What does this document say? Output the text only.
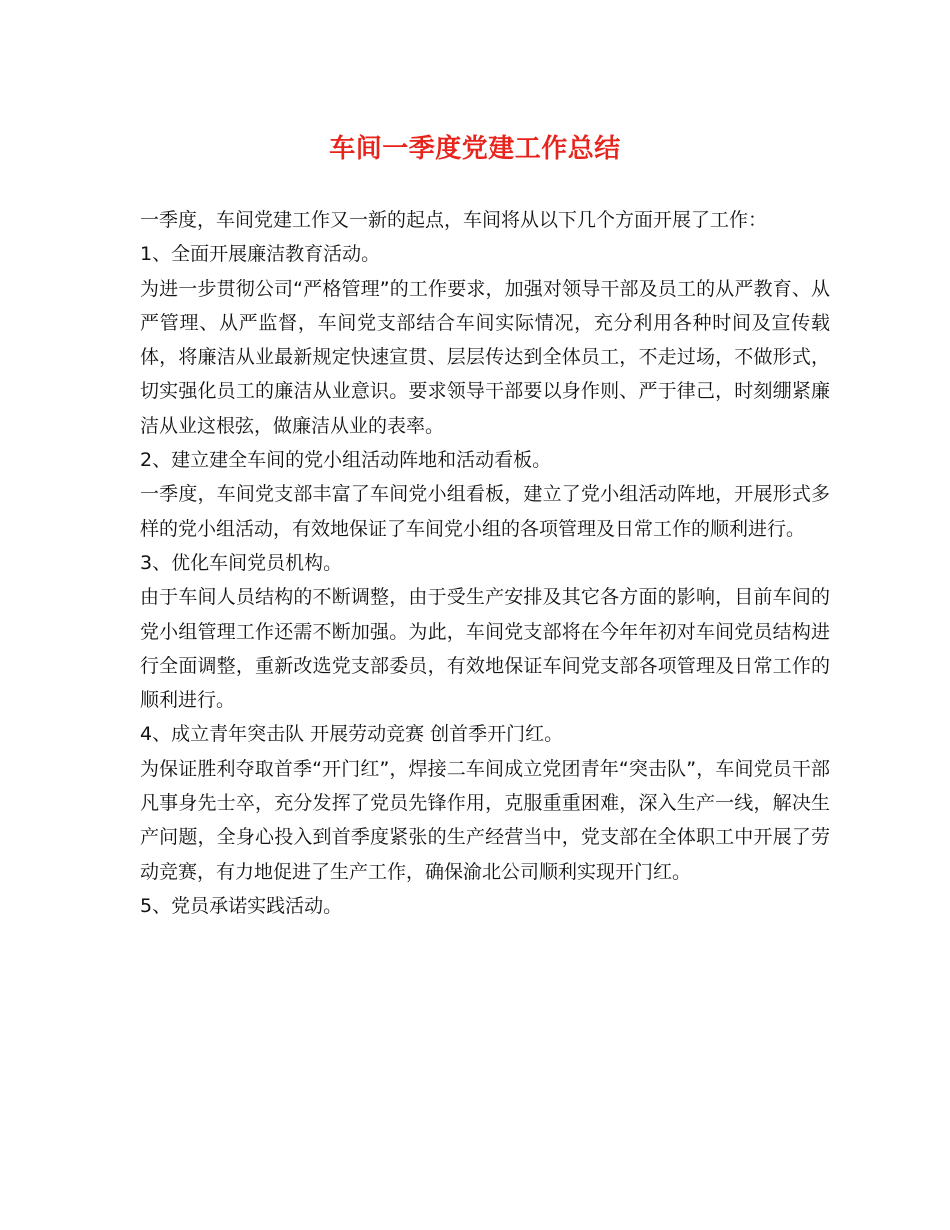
车间一季度党建工作总结

一季度，车间党建工作又一新的起点，车间将从以下几个方面开展了工作：

1、全面开展廉洁教育活动。

为进一步贯彻公司“严格管理”的工作要求，加强对领导干部及员工的从严教育、从严管理、从严监督，车间党支部结合车间实际情况，充分利用各种时间及宣传载体，将廉洁从业最新规定快速宣贯、层层传达到全体员工，不走过场，不做形式，切实强化员工的廉洁从业意识。要求领导干部要以身作则、严于律己，时刻绷紧廉洁从业这根弦，做廉洁从业的表率。

2、建立建全车间的党小组活动阵地和活动看板。

一季度，车间党支部丰富了车间党小组看板，建立了党小组活动阵地，开展形式多样的党小组活动，有效地保证了车间党小组的各项管理及日常工作的顺利进行。

3、优化车间党员机构。

由于车间人员结构的不断调整，由于受生产安排及其它各方面的影响，目前车间的党小组管理工作还需不断加强。为此，车间党支部将在今年年初对车间党员结构进行全面调整，重新改选党支部委员，有效地保证车间党支部各项管理及日常工作的顺利进行。

4、成立青年突击队 开展劳动竞赛 创首季开门红。

为保证胜利夺取首季“开门红”，焊接二车间成立党团青年“突击队”，车间党员干部凡事身先士卒，充分发挥了党员先锋作用，克服重重困难，深入生产一线，解决生产问题，全身心投入到首季度紧张的生产经营当中，党支部在全体职工中开展了劳动竞赛，有力地促进了生产工作，确保渝北公司顺利实现开门红。

5、党员承诺实践活动。
